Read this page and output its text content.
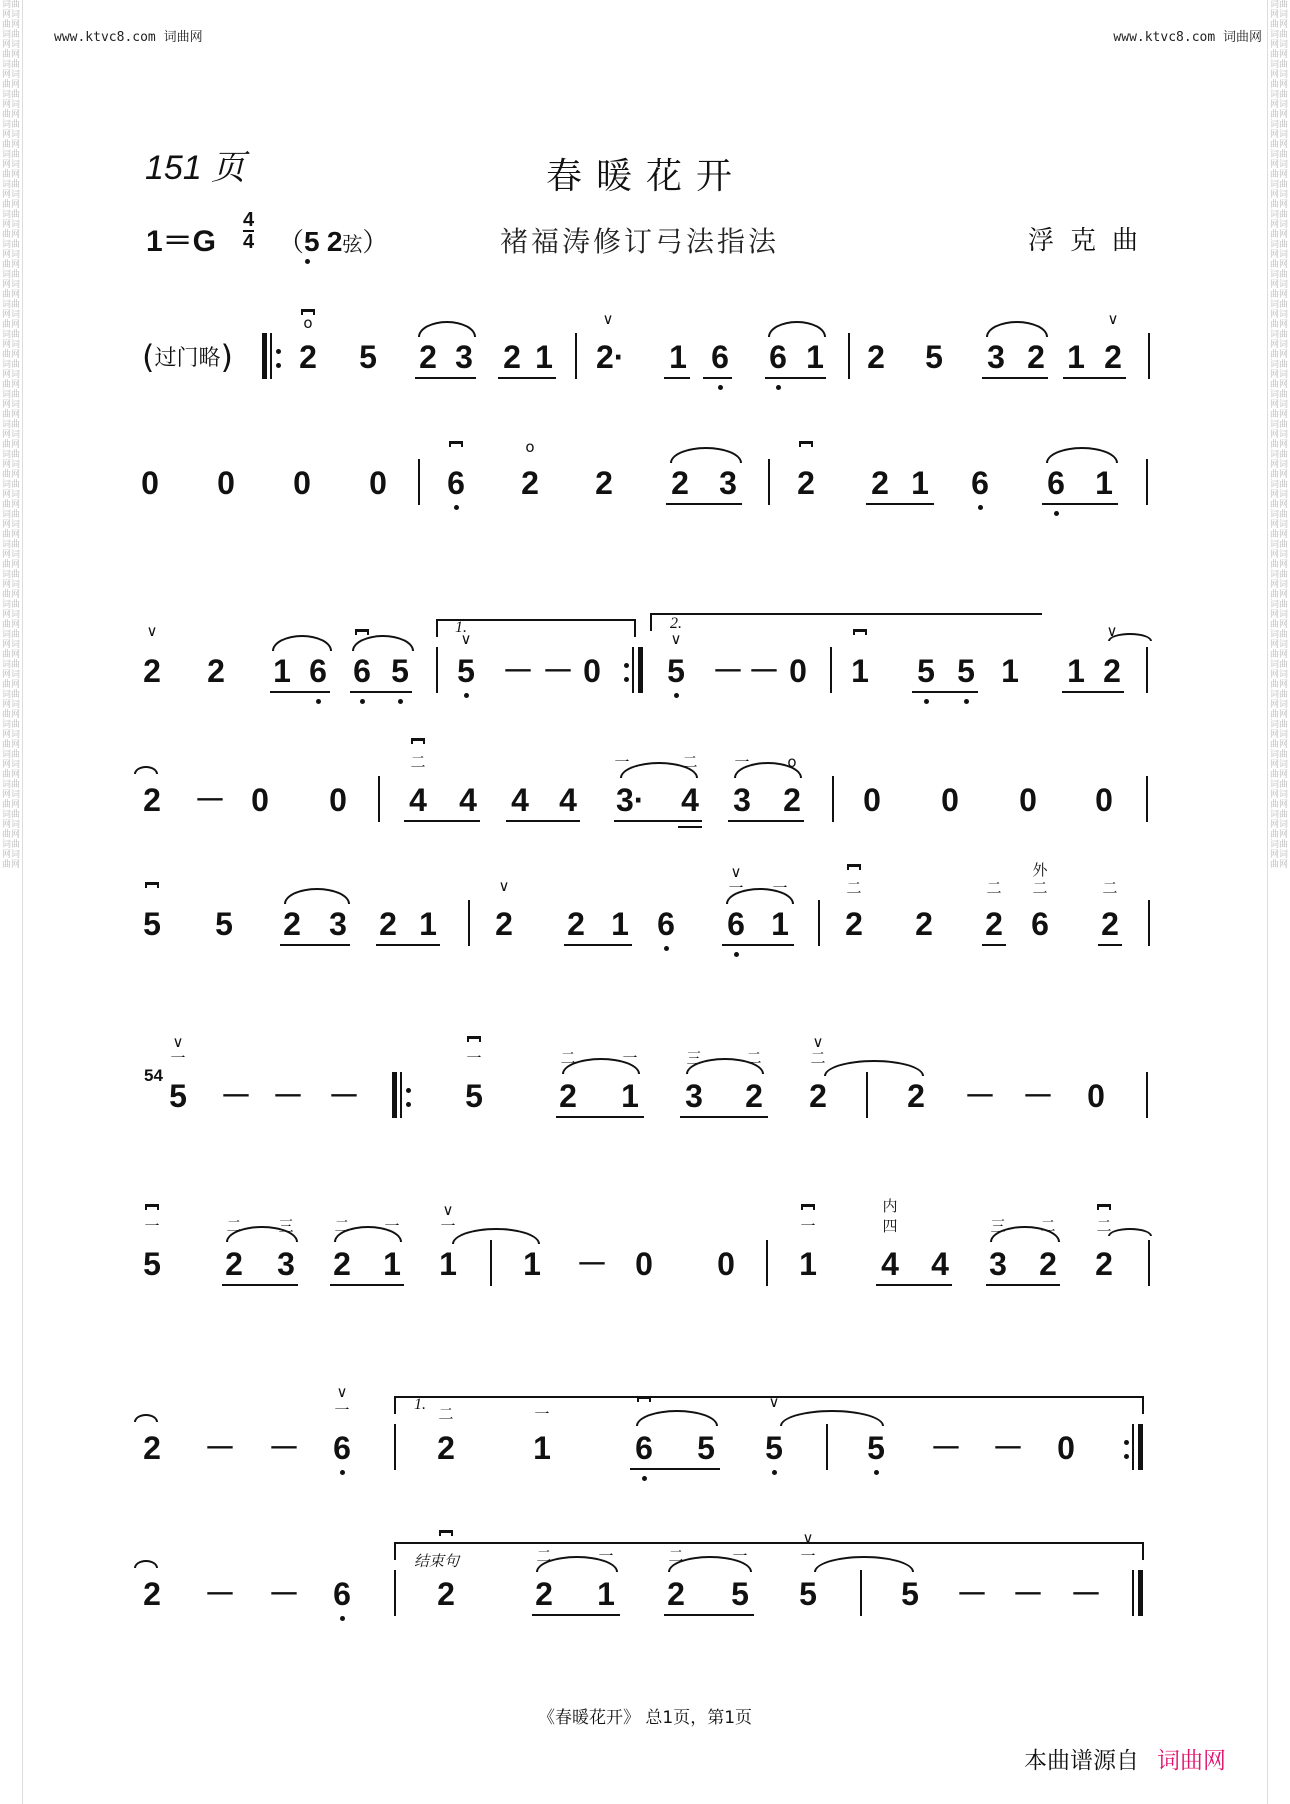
词曲网词曲网词曲网词曲网词曲网词曲网词曲网词曲网词曲网词曲网词曲网词曲网词曲网词曲网词曲网词曲网词曲网词曲网词曲网词曲网词曲网词曲网词曲网词曲网词曲网词曲网词曲网词曲网词曲网词曲网词曲网词曲网词曲网词曲网词曲网词曲网词曲网词曲网词曲网词曲网词曲网词曲网词曲网词曲网词曲网词曲网词曲网词曲网词曲网词曲网词曲网词曲网词曲网词曲网词曲网词曲网词曲网词曲网
词曲网词曲网词曲网词曲网词曲网词曲网词曲网词曲网词曲网词曲网词曲网词曲网词曲网词曲网词曲网词曲网词曲网词曲网词曲网词曲网词曲网词曲网词曲网词曲网词曲网词曲网词曲网词曲网词曲网词曲网词曲网词曲网词曲网词曲网词曲网词曲网词曲网词曲网词曲网词曲网词曲网词曲网词曲网词曲网词曲网词曲网词曲网词曲网词曲网词曲网词曲网词曲网词曲网词曲网词曲网词曲网词曲网词曲网
www.ktvc8.com 词曲网	www.ktvc8.com 词曲网
151 页	春暖花开
$1=G \frac{4}{4} (5$ 2弦）	褚福涛修订弓法指法	浮克曲
(过门略) 2 5 2 3 2 1 2· 1 6 6 1 2 5 3 2 1 2
o	∨	∨
0 0 0 0 6 2
o
2 2 3 2 2 1 6 6 1
2
∨
2 1 6 6 5
1.
5
∨
－ － 0
2.
5
∨
－ － 0 1 5 5 1 1 2
∨
2 － 0 0 4 4
二
4 4 3· 4
一	二
3 2
一	o
0 0 0 0
5 5 2 3 2 1 2
∨
2 1 6 6 1
∨
一 一
2
二
2 2
二
6
二
外
2
二
54
5
一
∨
－ － －	5
一
2 1
二	一
3 2
三	二
2
二
∨
2 － － 0
5
一
2 3
二 三
2 1
二 一
1
一
∨
1 － 0 0 1
一
4 4
四
内
3 2
三 二
2
二
2 － － 6
一
∨
1.
2
二
1
一
6 5 5
∨
5 － － 0
2 － － 6
结束句
2	2 1
二	一
2 5
二	一
5
一
∨
5 － － －
《春暖花开》 总1页，第1页
本曲谱源自 词曲网
